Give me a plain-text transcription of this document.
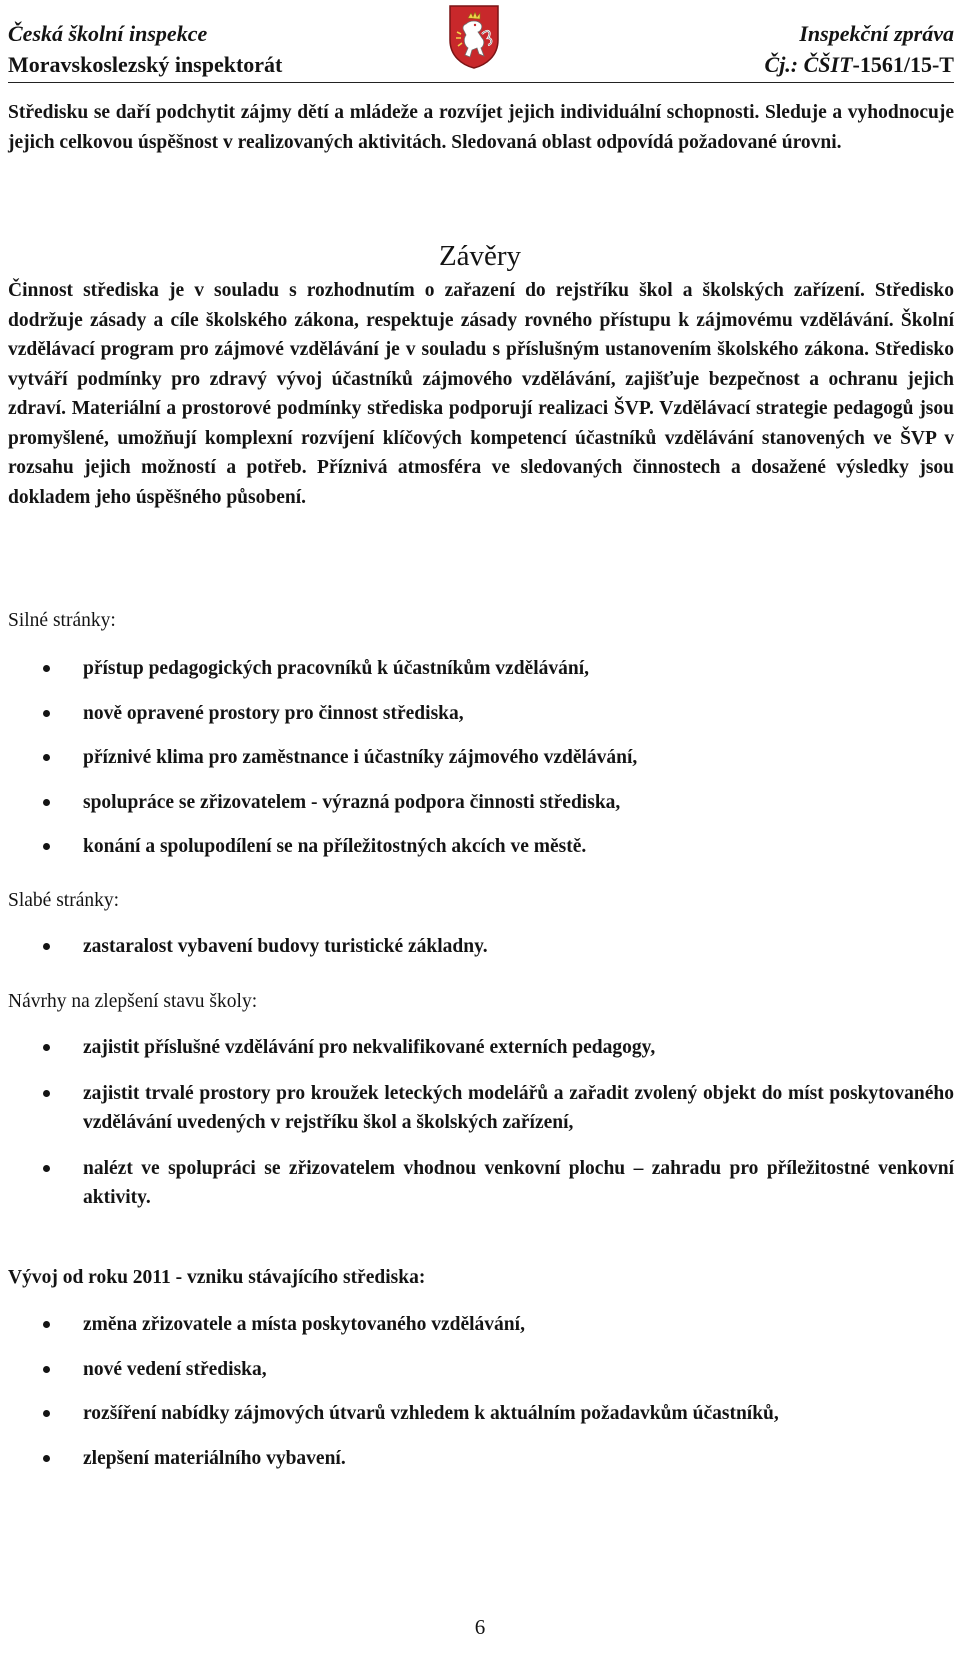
Česká školní inspekce
Moravskoslezský inspektorát
Inspekční zpráva
Čj.: ČŠIT-1561/15-T

Středisku se daří podchytit zájmy dětí a mládeže a rozvíjet jejich individuální schopnosti. Sleduje a vyhodnocuje jejich celkovou úspěšnost v realizovaných aktivitách. Sledovaná oblast odpovídá požadované úrovni.

Závěry

Činnost střediska je v souladu s rozhodnutím o zařazení do rejstříku škol a školských zařízení. Středisko dodržuje zásady a cíle školského zákona, respektuje zásady rovného přístupu k zájmovému vzdělávání. Školní vzdělávací program pro zájmové vzdělávání je v souladu s příslušným ustanovením školského zákona. Středisko vytváří podmínky pro zdravý vývoj účastníků zájmového vzdělávání, zajišťuje bezpečnost a ochranu jejich zdraví. Materiální a prostorové podmínky střediska podporují realizaci ŠVP. Vzdělávací strategie pedagogů jsou promyšlené, umožňují komplexní rozvíjení klíčových kompetencí účastníků vzdělávání stanovených ve ŠVP v rozsahu jejich možností a potřeb. Příznivá atmosféra ve sledovaných činnostech a dosažené výsledky jsou dokladem jeho úspěšného působení.

Silné stránky:
přístup pedagogických pracovníků k účastníkům vzdělávání,
nově opravené prostory pro činnost střediska,
příznivé klima pro zaměstnance i účastníky zájmového vzdělávání,
spolupráce se zřizovatelem - výrazná podpora činnosti střediska,
konání a spolupodílení se na příležitostných akcích ve městě.
Slabé stránky:
zastaralost vybavení budovy turistické základny.
Návrhy na zlepšení stavu školy:
zajistit příslušné vzdělávání pro nekvalifikované externích pedagogy,
zajistit trvalé prostory pro kroužek leteckých modelářů a zařadit zvolený objekt do míst poskytovaného vzdělávání uvedených v rejstříku škol a školských zařízení,
nalézt ve spolupráci se zřizovatelem vhodnou venkovní plochu – zahradu pro příležitostné venkovní aktivity.
Vývoj od roku 2011 - vzniku stávajícího střediska:
změna zřizovatele a místa poskytovaného vzdělávání,
nové vedení střediska,
rozšíření nabídky zájmových útvarů vzhledem k aktuálním požadavkům účastníků,
zlepšení materiálního vybavení.
6
